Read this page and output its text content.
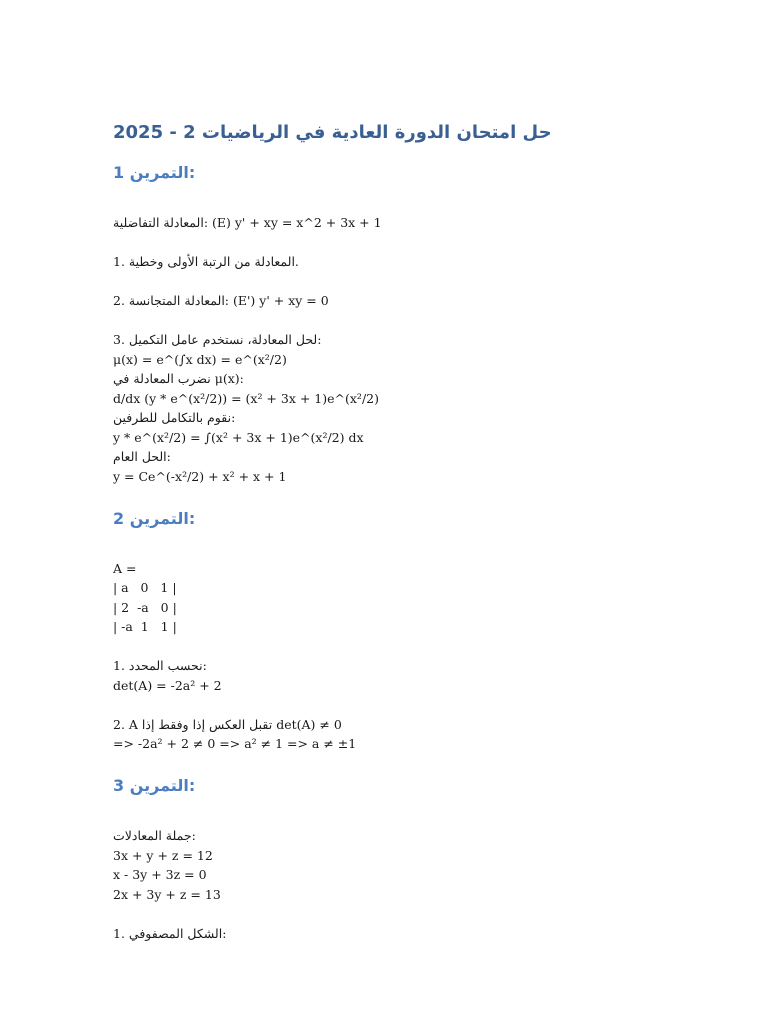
حل امتحان الدورة العادية في الرياضيات 2 - 2025
التمرين 1:
المعادلة التفاضلية: (E) y' + xy = x^2 + 3x + 1
1. المعادلة من الرتبة الأولى وخطية.
2. المعادلة المتجانسة: (E') y' + xy = 0
3. لحل المعادلة، نستخدم عامل التكميل:
μ(x) = e^(∫x dx) = e^(x²/2)
نضرب المعادلة في μ(x):
d/dx (y * e^(x²/2)) = (x² + 3x + 1)e^(x²/2)
نقوم بالتكامل للطرفين:
y * e^(x²/2) = ∫(x² + 3x + 1)e^(x²/2) dx
الحل العام:
y = Ce^(-x²/2) + x² + x + 1
التمرين 2:
A =
| a   0   1 |
| 2  -a   0 |
| -a  1   1 |
1. نحسب المحدد:
det(A) = -2a² + 2
2. A تقبل العكس إذا وفقط إذا det(A) ≠ 0
=> -2a² + 2 ≠ 0 => a² ≠ 1 => a ≠ ±1
التمرين 3:
جملة المعادلات:
3x + y + z = 12
x - 3y + 3z = 0
2x + 3y + z = 13
1. الشكل المصفوفي:
